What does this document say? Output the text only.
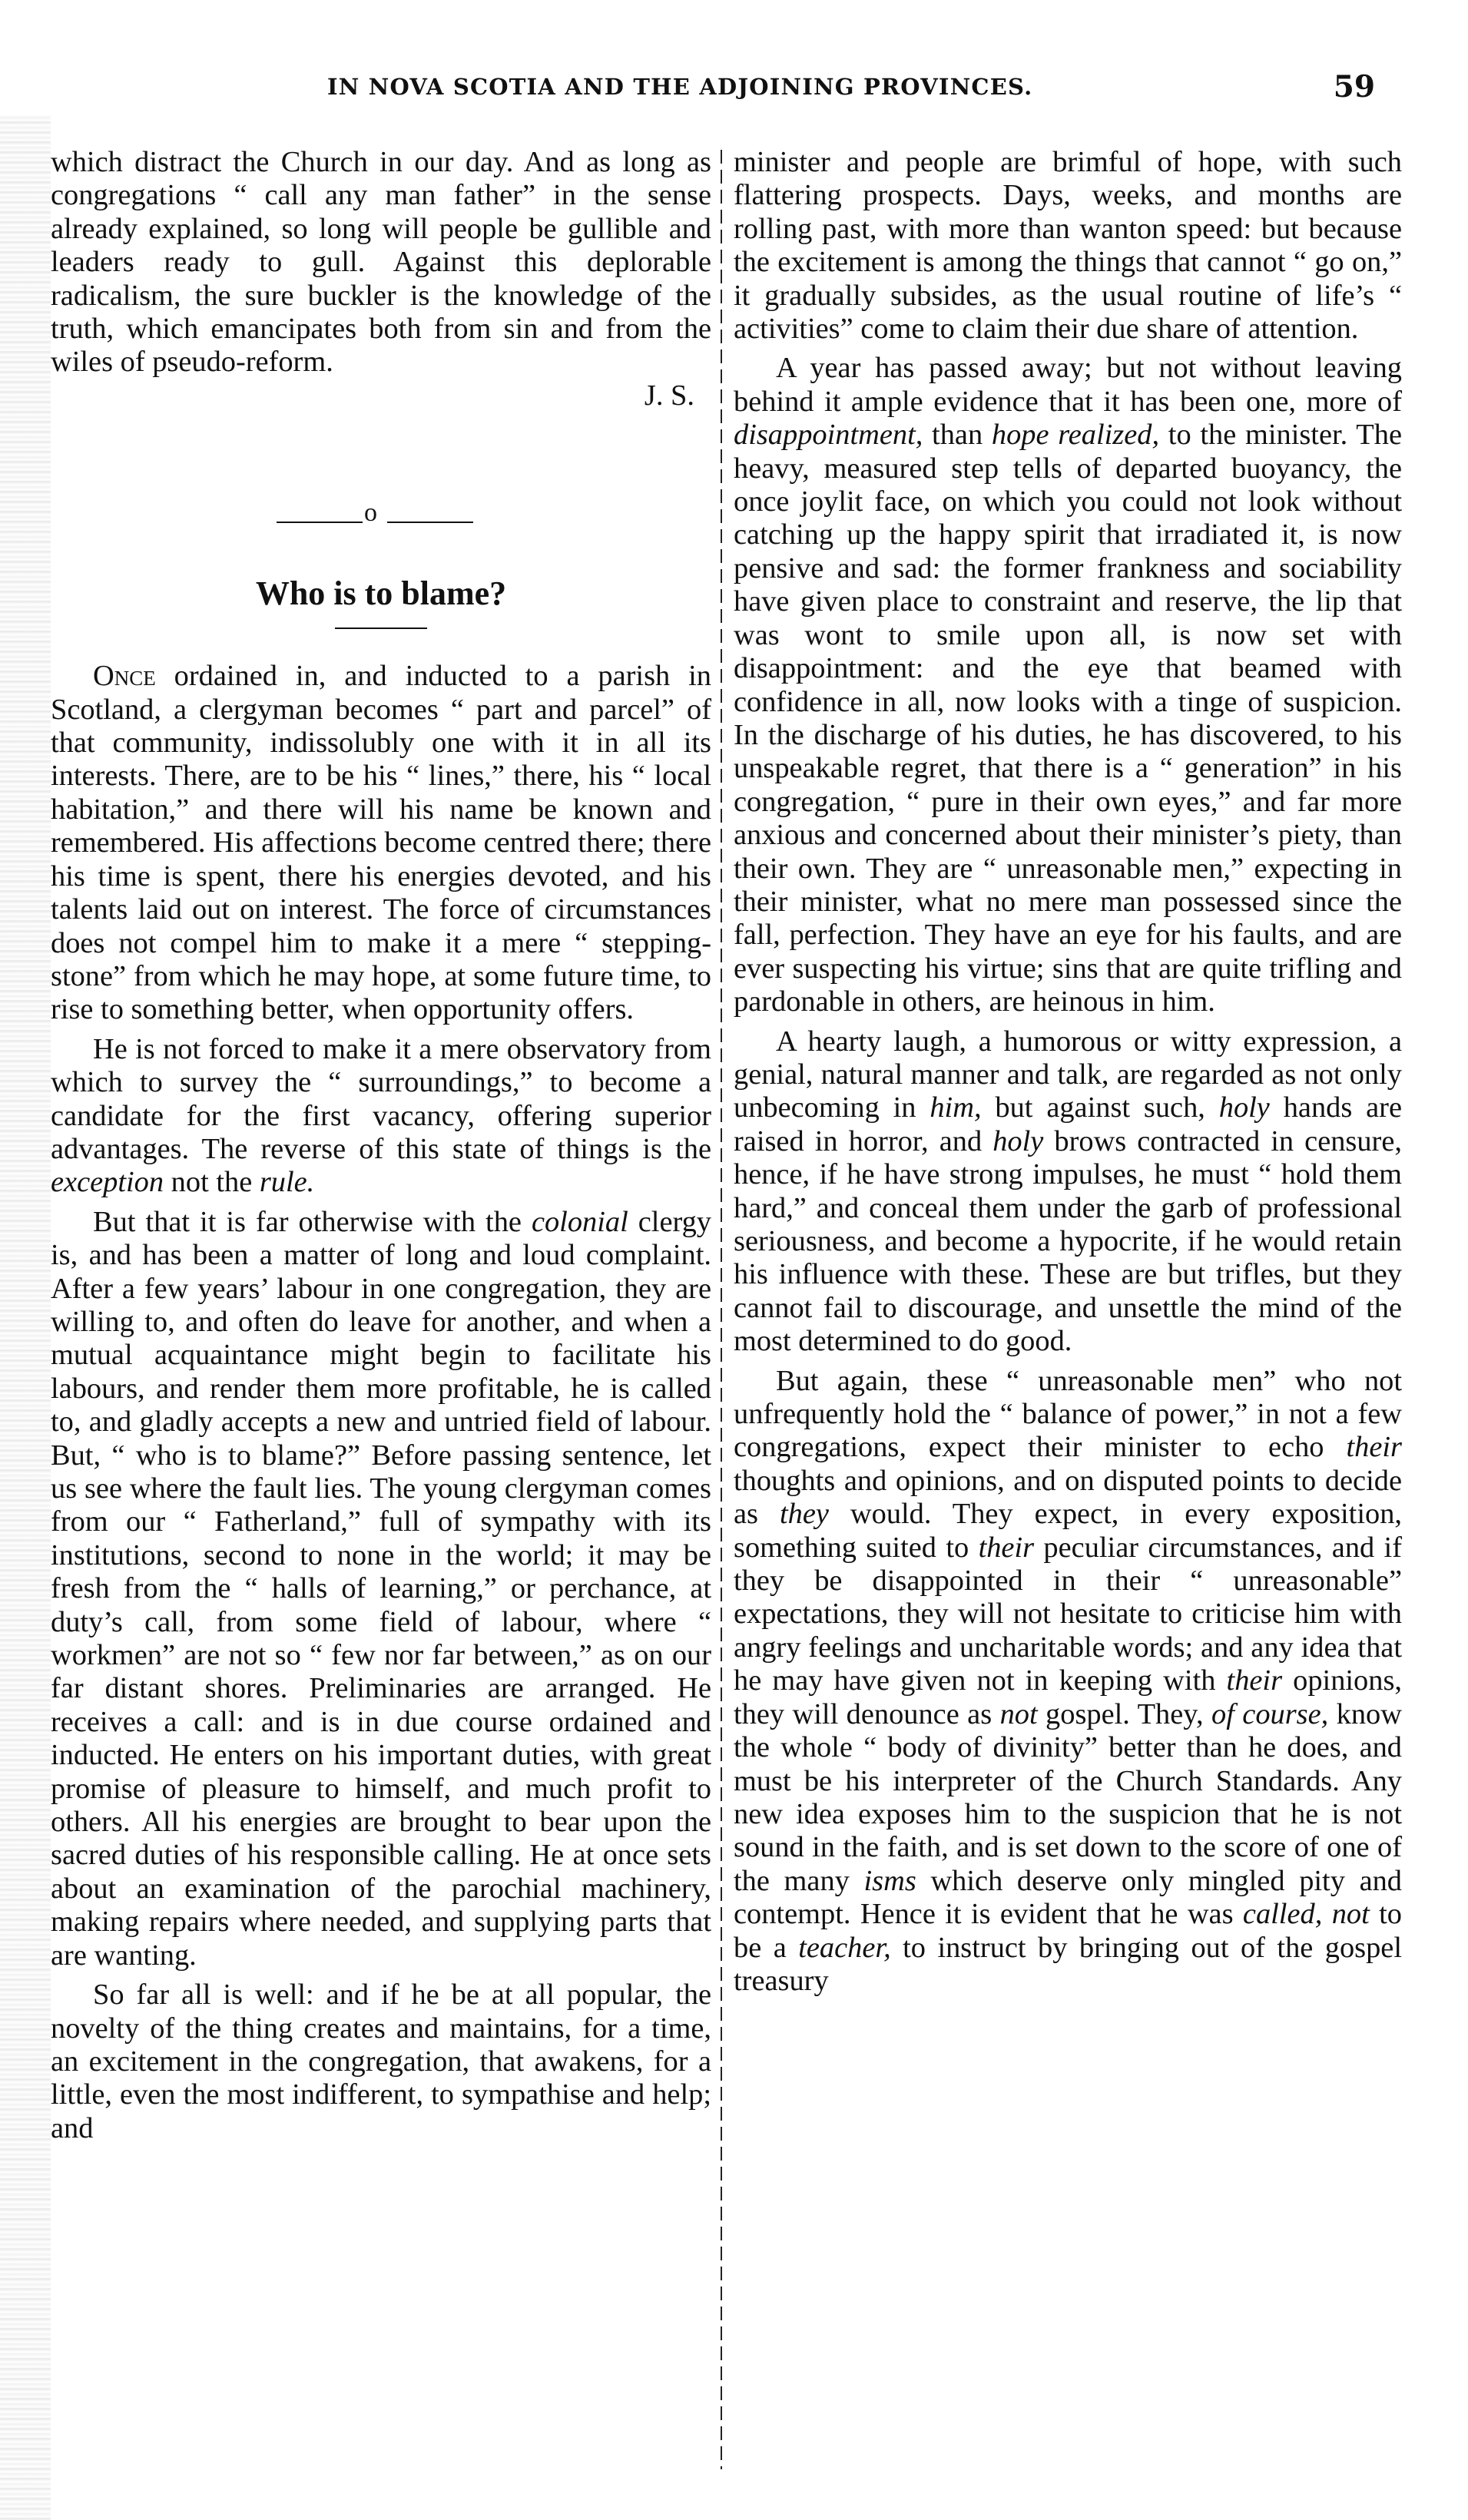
IN NOVA SCOTIA AND THE ADJOINING PROVINCES.	59

which distract the Church in our day. And as long as congregations “ call any man father” in the sense already explained, so long will people be gullible and leaders ready to gull. Against this deplorable radicalism, the sure buckler is the knowledge of the truth, which emancipates both from sin and from the wiles of pseudo-reform.

J. S.
o
Who is to blame?

Once ordained in, and inducted to a parish in Scotland, a clergyman becomes “ part and parcel” of that community, indissolubly one with it in all its interests. There, are to be his “ lines,” there, his “ local habitation,” and there will his name be known and remembered. His affections become centred there; there his time is spent, there his energies devoted, and his talents laid out on interest. The force of circumstances does not compel him to make it a mere “ stepping-stone” from which he may hope, at some future time, to rise to something better, when opportunity offers.

He is not forced to make it a mere observatory from which to survey the “ surroundings,” to become a candidate for the first vacancy, offering superior advantages. The reverse of this state of things is the exception not the rule.

But that it is far otherwise with the colonial clergy is, and has been a matter of long and loud complaint. After a few years’ labour in one congregation, they are willing to, and often do leave for another, and when a mutual acquaintance might begin to facilitate his labours, and render them more profitable, he is called to, and gladly accepts a new and untried field of labour. But, “ who is to blame?” Before passing sentence, let us see where the fault lies. The young clergyman comes from our “ Fatherland,” full of sympathy with its institutions, second to none in the world; it may be fresh from the “ halls of learning,” or perchance, at duty’s call, from some field of labour, where “ workmen” are not so “ few nor far between,” as on our far distant shores. Preliminaries are arranged. He receives a call: and is in due course ordained and inducted. He enters on his important duties, with great promise of pleasure to himself, and much profit to others. All his energies are brought to bear upon the sacred duties of his responsible calling. He at once sets about an examination of the parochial machinery, making repairs where needed, and supplying parts that are wanting.

So far all is well: and if he be at all popular, the novelty of the thing creates and maintains, for a time, an excitement in the congregation, that awakens, for a little, even the most indifferent, to sympathise and help; and

minister and people are brimful of hope, with such flattering prospects. Days, weeks, and months are rolling past, with more than wanton speed: but because the excitement is among the things that cannot “ go on,” it gradually subsides, as the usual routine of life’s “ activities” come to claim their due share of attention.

A year has passed away; but not without leaving behind it ample evidence that it has been one, more of disappointment, than hope realized, to the minister. The heavy, measured step tells of departed buoyancy, the once joylit face, on which you could not look without catching up the happy spirit that irradiated it, is now pensive and sad: the former frankness and sociability have given place to constraint and reserve, the lip that was wont to smile upon all, is now set with disappointment: and the eye that beamed with confidence in all, now looks with a tinge of suspicion. In the discharge of his duties, he has discovered, to his unspeakable regret, that there is a “ generation” in his congregation, “ pure in their own eyes,” and far more anxious and concerned about their minister’s piety, than their own. They are “ unreasonable men,” expecting in their minister, what no mere man possessed since the fall, perfection. They have an eye for his faults, and are ever suspecting his virtue; sins that are quite trifling and pardonable in others, are heinous in him.

A hearty laugh, a humorous or witty expression, a genial, natural manner and talk, are regarded as not only unbecoming in him, but against such, holy hands are raised in horror, and holy brows contracted in censure, hence, if he have strong impulses, he must “ hold them hard,” and conceal them under the garb of professional seriousness, and become a hypocrite, if he would retain his influence with these. These are but trifles, but they cannot fail to discourage, and unsettle the mind of the most determined to do good.

But again, these “ unreasonable men” who not unfrequently hold the “ balance of power,” in not a few congregations, expect their minister to echo their thoughts and opinions, and on disputed points to decide as they would. They expect, in every exposition, something suited to their peculiar circumstances, and if they be disappointed in their “ unreasonable” expectations, they will not hesitate to criticise him with angry feelings and uncharitable words; and any idea that he may have given not in keeping with their opinions, they will denounce as not gospel. They, of course, know the whole “ body of divinity” better than he does, and must be his interpreter of the Church Standards. Any new idea exposes him to the suspicion that he is not sound in the faith, and is set down to the score of one of the many isms which deserve only mingled pity and contempt. Hence it is evident that he was called, not to be a teacher, to instruct by bringing out of the gospel treasury
